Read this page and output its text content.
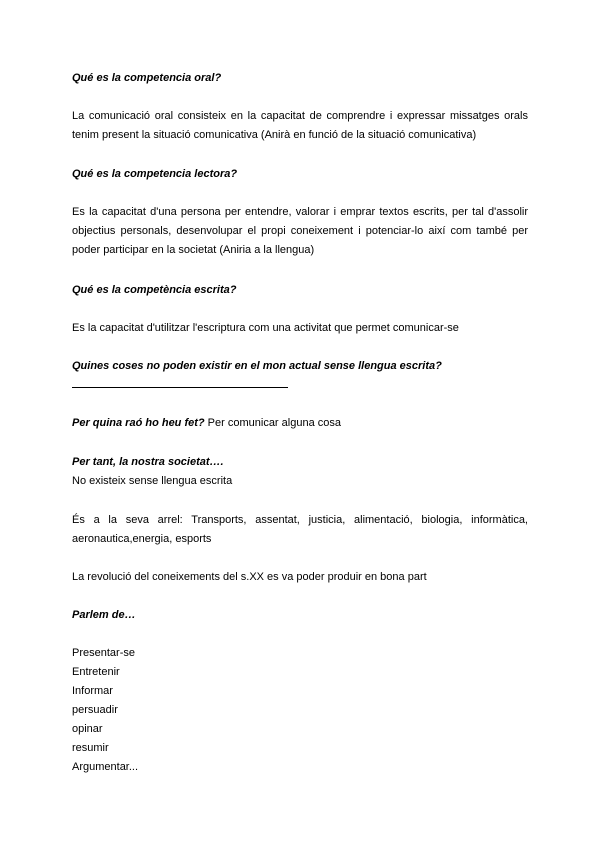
Qué es la competencia oral?

La comunicació oral consisteix en la capacitat de comprendre i expressar missatges orals tenim present la situació comunicativa (Anirà en funció de la situació comunicativa)

Qué es la competencia lectora?

Es la capacitat d'una persona per entendre, valorar i emprar textos escrits, per tal d'assolir objectius personals, desenvolupar el propi coneixement i potenciar-lo així com també per poder participar en la societat (Aniria a la llengua)

Qué es la competència escrita?

Es la capacitat d'utilitzar l'escriptura com una activitat que permet comunicar-se

Quines coses no poden existir en el mon actual sense llengua escrita?

Per quina raó ho heu fet? Per comunicar alguna cosa

Per tant, la nostra societat….

No existeix sense llengua escrita

És a la seva arrel: Transports, assentat, justicia, alimentació, biologia, informàtica, aeronautica,energia, esports

La revolució del coneixements del s.XX es va poder produir en bona part

Parlem de…

Presentar-se
Entretenir
Informar
persuadir
opinar
resumir
Argumentar...
